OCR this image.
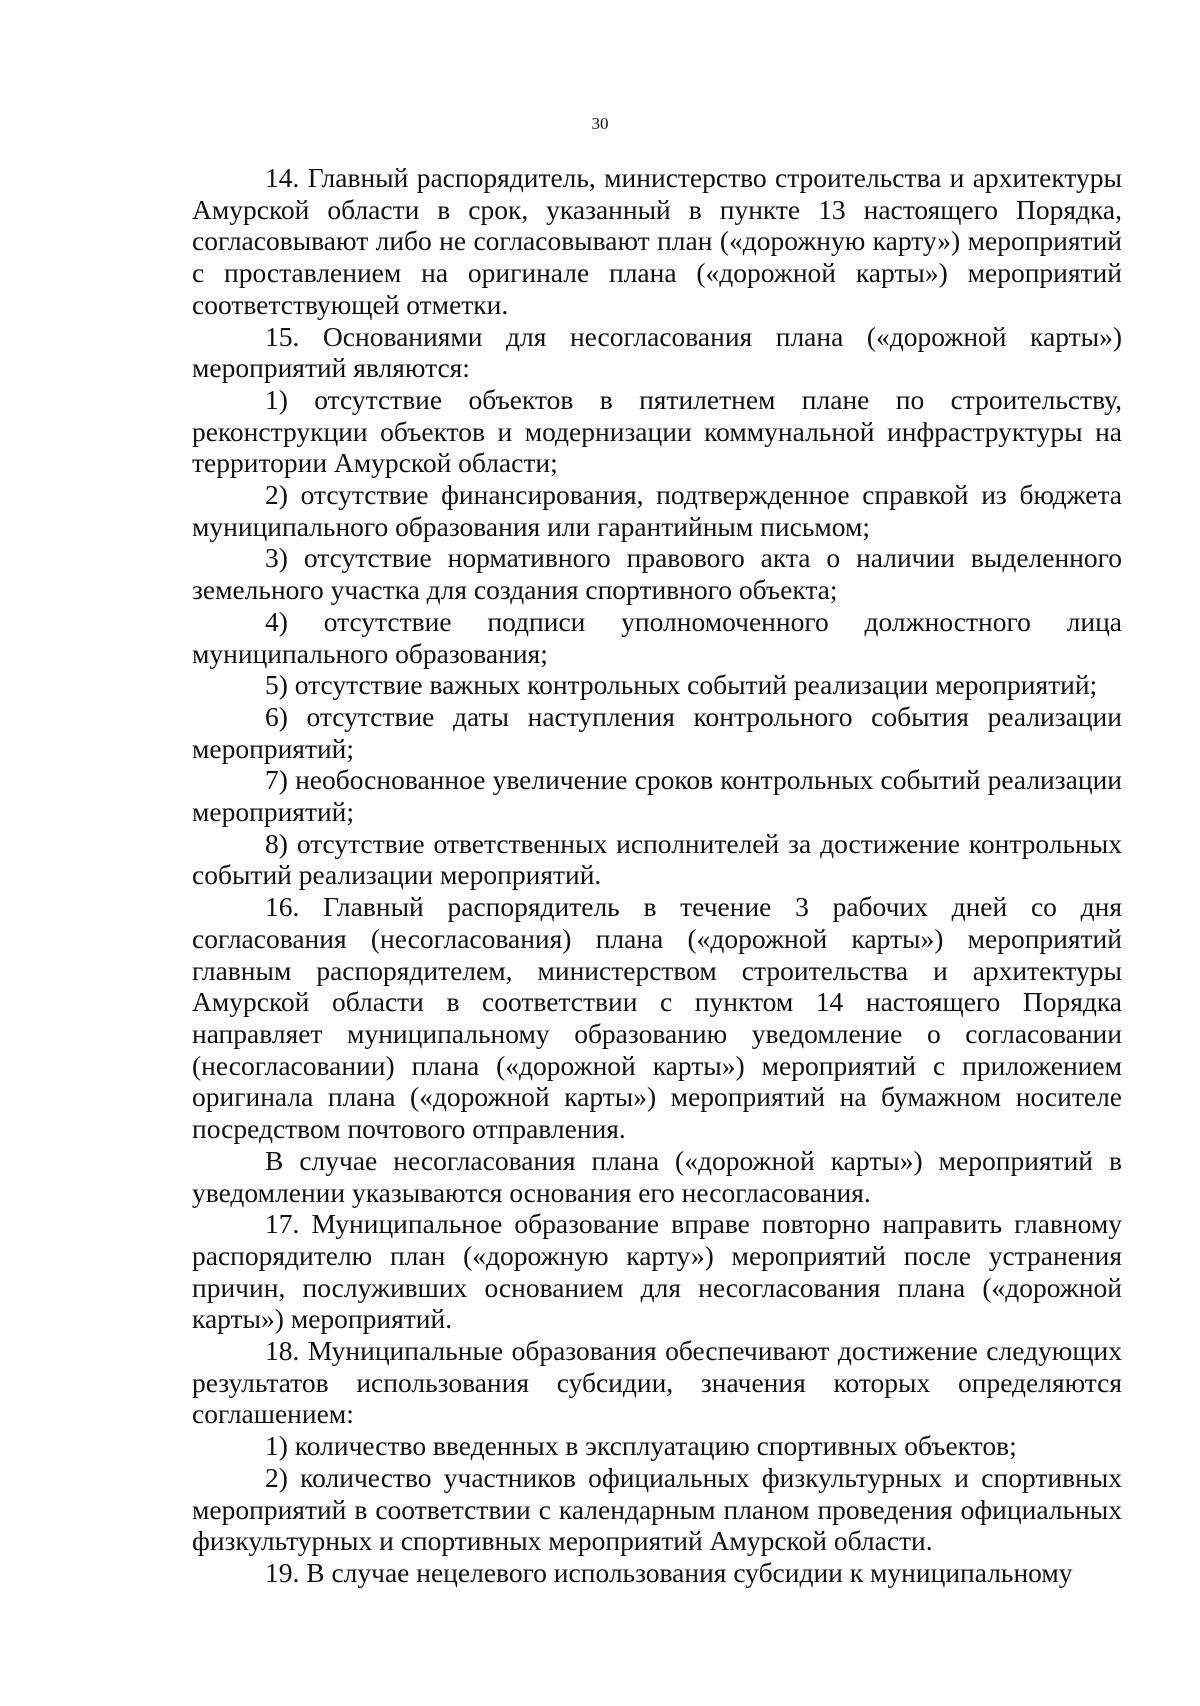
30

14. Главный распорядитель, министерство строительства и архитектуры Амурской области в срок, указанный в пункте 13 настоящего Порядка, согласовывают либо не согласовывают план («дорожную карту») мероприятий с проставлением на оригинале плана («дорожной карты») мероприятий соответствующей отметки.

15. Основаниями для несогласования плана («дорожной карты») мероприятий являются:

1) отсутствие объектов в пятилетнем плане по строительству, реконструкции объектов и модернизации коммунальной инфраструктуры на территории Амурской области;

2) отсутствие финансирования, подтвержденное справкой из бюджета муниципального образования или гарантийным письмом;

3) отсутствие нормативного правового акта о наличии выделенного земельного участка для создания спортивного объекта;

4) отсутствие подписи уполномоченного должностного лица муниципального образования;

5) отсутствие важных контрольных событий реализации мероприятий;

6) отсутствие даты наступления контрольного события реализации мероприятий;

7) необоснованное увеличение сроков контрольных событий реализации мероприятий;

8) отсутствие ответственных исполнителей за достижение контрольных событий реализации мероприятий.

16. Главный распорядитель в течение 3 рабочих дней со дня согласования (несогласования) плана («дорожной карты») мероприятий главным распорядителем, министерством строительства и архитектуры Амурской области в соответствии с пунктом 14 настоящего Порядка направляет муниципальному образованию уведомление о согласовании (несогласовании) плана («дорожной карты») мероприятий с приложением оригинала плана («дорожной карты») мероприятий на бумажном носителе посредством почтового отправления.

В случае несогласования плана («дорожной карты») мероприятий в уведомлении указываются основания его несогласования.

17. Муниципальное образование вправе повторно направить главному распорядителю план («дорожную карту») мероприятий после устранения причин, послуживших основанием для несогласования плана («дорожной карты») мероприятий.

18. Муниципальные образования обеспечивают достижение следующих результатов использования субсидии, значения которых определяются соглашением:

1) количество введенных в эксплуатацию спортивных объектов;

2) количество участников официальных физкультурных и спортивных мероприятий в соответствии с календарным планом проведения официальных физкультурных и спортивных мероприятий Амурской области.

19. В случае нецелевого использования субсидии к муниципальному
